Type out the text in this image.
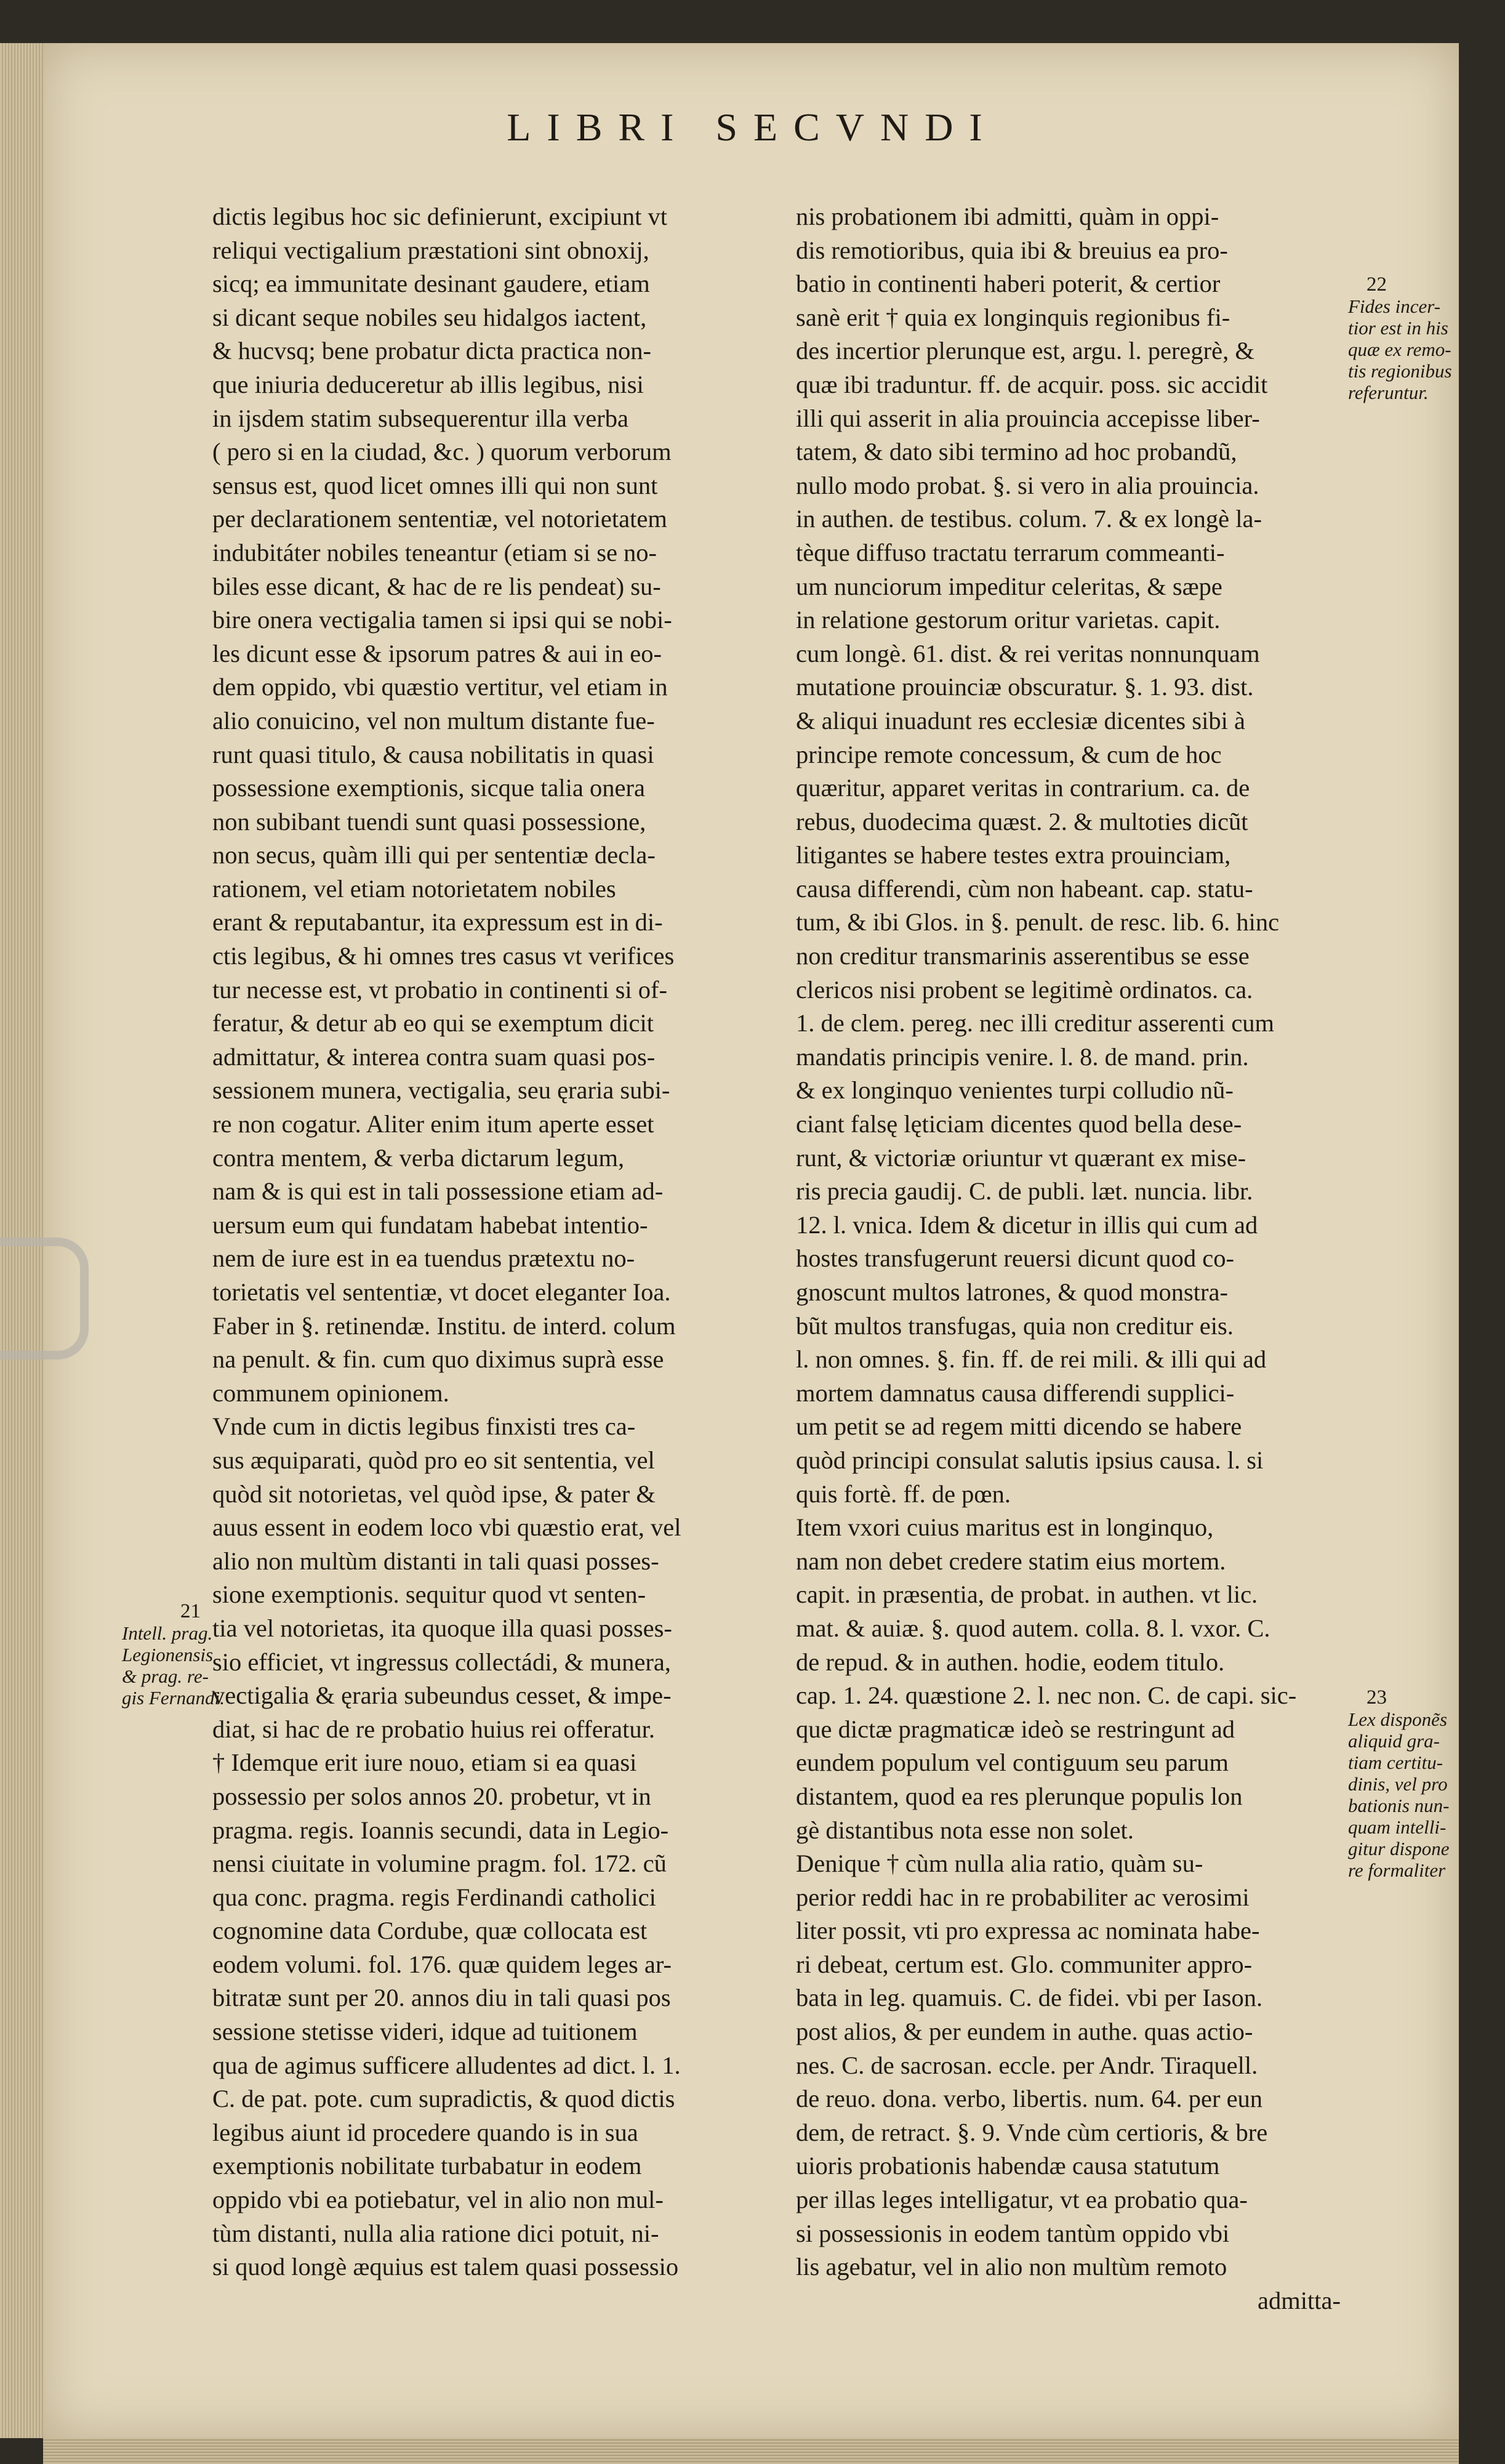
LIBRI SECVNDI
dictis legibus hoc sic definierunt, excipiunt vt
reliqui vectigalium præstationi sint obnoxij,
sicq; ea immunitate desinant gaudere, etiam
si dicant seque nobiles seu hidalgos iactent,
& hucvsq; bene probatur dicta practica non-
que iniuria deduceretur ab illis legibus, nisi
in ijsdem statim subsequerentur illa verba
( pero si en la ciudad, &c. ) quorum verborum
sensus est, quod licet omnes illi qui non sunt
per declarationem sententiæ, vel notorietatem
indubitáter nobiles teneantur (etiam si se no-
biles esse dicant, & hac de re lis pendeat) su-
bire onera vectigalia tamen si ipsi qui se nobi-
les dicunt esse & ipsorum patres & aui in eo-
dem oppido, vbi quæstio vertitur, vel etiam in
alio conuicino, vel non multum distante fue-
runt quasi titulo, & causa nobilitatis in quasi
possessione exemptionis, sicque talia onera
non subibant tuendi sunt quasi possessione,
non secus, quàm illi qui per sententiæ decla-
rationem, vel etiam notorietatem nobiles
erant & reputabantur, ita expressum est in di-
ctis legibus, & hi omnes tres casus vt verifices
tur necesse est, vt probatio in continenti si of-
feratur, & detur ab eo qui se exemptum dicit
admittatur, & interea contra suam quasi pos-
sessionem munera, vectigalia, seu ęraria subi-
re non cogatur. Aliter enim itum aperte esset
contra mentem, & verba dictarum legum,
nam & is qui est in tali possessione etiam ad-
uersum eum qui fundatam habebat intentio-
nem de iure est in ea tuendus prætextu no-
torietatis vel sententiæ, vt docet eleganter Ioa.
Faber in §. retinendæ. Institu. de interd. colum
na penult. & fin. cum quo diximus suprà esse
communem opinionem.
Vnde cum in dictis legibus finxisti tres ca-
sus æquiparati, quòd pro eo sit sententia, vel
quòd sit notorietas, vel quòd ipse, & pater &
auus essent in eodem loco vbi quæstio erat, vel
alio non multùm distanti in tali quasi posses-
sione exemptionis. sequitur quod vt senten-
tia vel notorietas, ita quoque illa quasi posses-
sio efficiet, vt ingressus collectádi, & munera,
vectigalia & ęraria subeundus cesset, & impe-
diat, si hac de re probatio huius rei offeratur.
† Idemque erit iure nouo, etiam si ea quasi
possessio per solos annos 20. probetur, vt in
pragma. regis. Ioannis secundi, data in Legio-
nensi ciuitate in volumine pragm. fol. 172. cũ
qua conc. pragma. regis Ferdinandi catholici
cognomine data Cordube, quæ collocata est
eodem volumi. fol. 176. quæ quidem leges ar-
bitratæ sunt per 20. annos diu in tali quasi pos
sessione stetisse videri, idque ad tuitionem
qua de agimus sufficere alludentes ad dict. l. 1.
C. de pat. pote. cum supradictis, & quod dictis
legibus aiunt id procedere quando is in sua
exemptionis nobilitate turbabatur in eodem
oppido vbi ea potiebatur, vel in alio non mul-
tùm distanti, nulla alia ratione dici potuit, ni-
si quod longè æquius est talem quasi possessio
nis probationem ibi admitti, quàm in oppi-
dis remotioribus, quia ibi & breuius ea pro-
batio in continenti haberi poterit, & certior
sanè erit † quia ex longinquis regionibus fi-
des incertior plerunque est, argu. l. peregrè, &
quæ ibi traduntur. ff. de acquir. poss. sic accidit
illi qui asserit in alia prouincia accepisse liber-
tatem, & dato sibi termino ad hoc probandũ,
nullo modo probat. §. si vero in alia prouincia.
in authen. de testibus. colum. 7. & ex longè la-
tèque diffuso tractatu terrarum commeanti-
um nunciorum impeditur celeritas, & sæpe
in relatione gestorum oritur varietas. capit.
cum longè. 61. dist. & rei veritas nonnunquam
mutatione prouinciæ obscuratur. §. 1. 93. dist.
& aliqui inuadunt res ecclesiæ dicentes sibi à
principe remote concessum, & cum de hoc
quæritur, apparet veritas in contrarium. ca. de
rebus, duodecima quæst. 2. & multoties dicũt
litigantes se habere testes extra prouinciam,
causa differendi, cùm non habeant. cap. statu-
tum, & ibi Glos. in §. penult. de resc. lib. 6. hinc
non creditur transmarinis asserentibus se esse
clericos nisi probent se legitimè ordinatos. ca.
1. de clem. pereg. nec illi creditur asserenti cum
mandatis principis venire. l. 8. de mand. prin.
& ex longinquo venientes turpi colludio nũ-
ciant falsę lęticiam dicentes quod bella dese-
runt, & victoriæ oriuntur vt quærant ex mise-
ris precia gaudij. C. de publi. læt. nuncia. libr.
12. l. vnica. Idem & dicetur in illis qui cum ad
hostes transfugerunt reuersi dicunt quod co-
gnoscunt multos latrones, & quod monstra-
bũt multos transfugas, quia non creditur eis.
l. non omnes. §. fin. ff. de rei mili. & illi qui ad
mortem damnatus causa differendi supplici-
um petit se ad regem mitti dicendo se habere
quòd principi consulat salutis ipsius causa. l. si
quis fortè. ff. de pœn.
Item vxori cuius maritus est in longinquo,
nam non debet credere statim eius mortem.
capit. in præsentia, de probat. in authen. vt lic.
mat. & auiæ. §. quod autem. colla. 8. l. vxor. C.
de repud. & in authen. hodie, eodem titulo.
cap. 1. 24. quæstione 2. l. nec non. C. de capi. sic-
que dictæ pragmaticæ ideò se restringunt ad
eundem populum vel contiguum seu parum
distantem, quod ea res plerunque populis lon
gè distantibus nota esse non solet.
Denique † cùm nulla alia ratio, quàm su-
perior reddi hac in re probabiliter ac verosimi
liter possit, vti pro expressa ac nominata habe-
ri debeat, certum est. Glo. communiter appro-
bata in leg. quamuis. C. de fidei. vbi per Iason.
post alios, & per eundem in authe. quas actio-
nes. C. de sacrosan. eccle. per Andr. Tiraquell.
de reuo. dona. verbo, libertis. num. 64. per eun
dem, de retract. §. 9. Vnde cùm certioris, & bre
uioris probationis habendæ causa statutum
per illas leges intelligatur, vt ea probatio qua-
si possessionis in eodem tantùm oppido vbi
lis agebatur, vel in alio non multùm remoto
admitta-
21
Intell. prag.
Legionensis
& prag. re-
gis Fernandi.
22
Fides incer-
tior est in his
quæ ex remo-
tis regionibus
referuntur.
23
Lex dispone͂s
aliquid gra-
tiam certitu-
dinis, vel pro
bationis nun-
quam intelli-
gitur dispone
re formaliter
